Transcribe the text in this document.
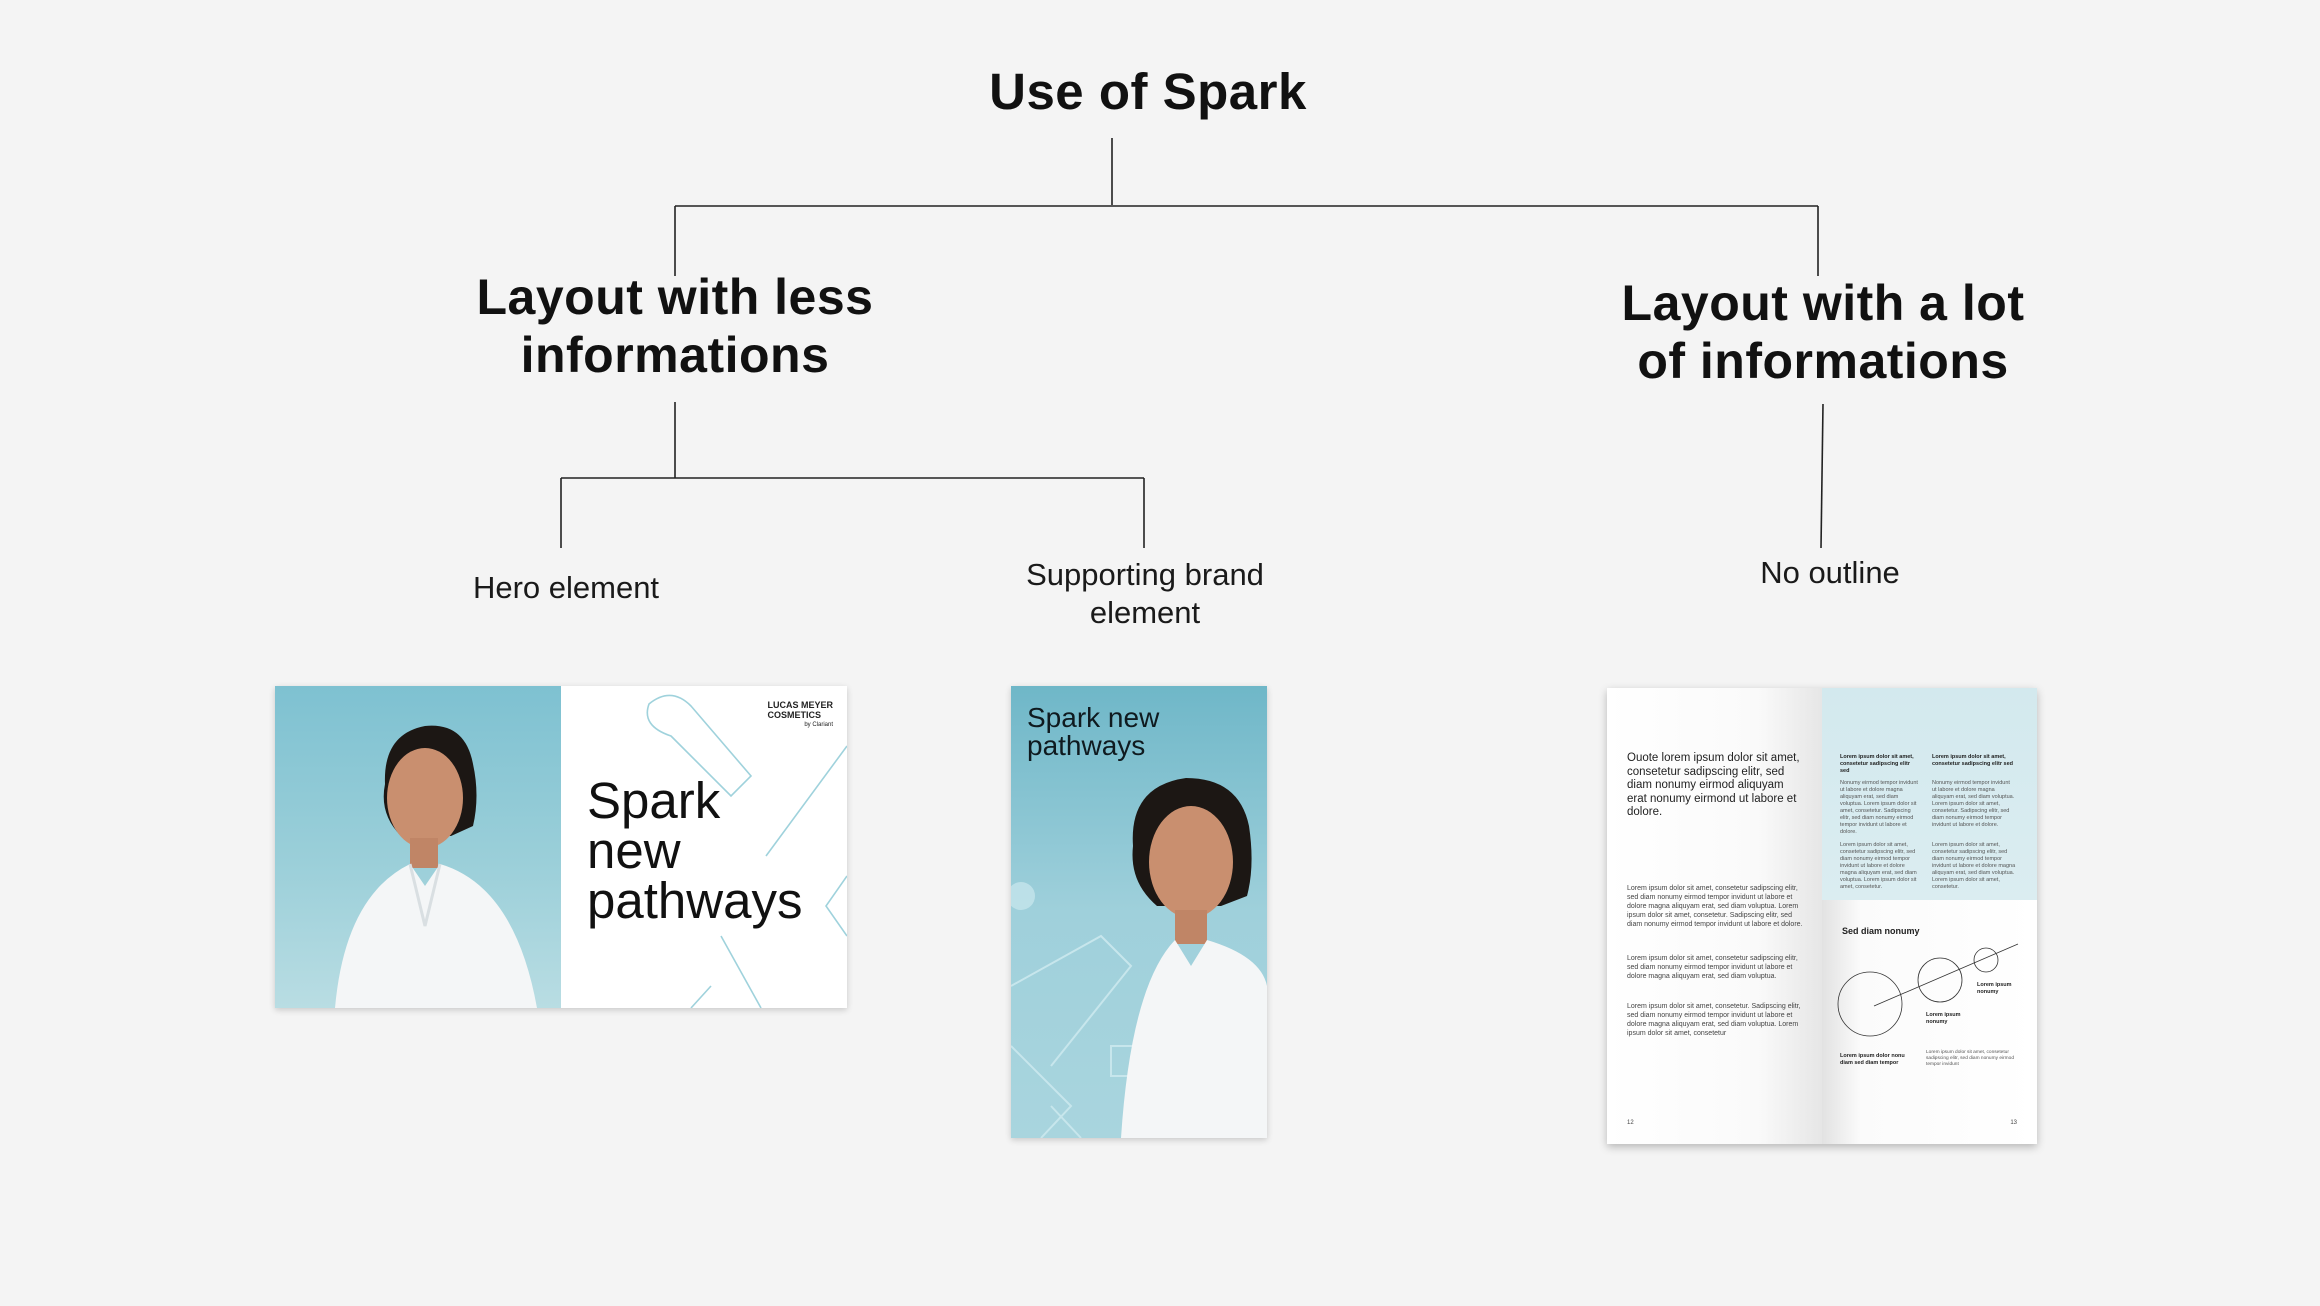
Use of Spark
Layout with less informations
Layout with a lot of informations
Hero element	Supporting brand element
No outline
Spark new pathways
LUCAS MEYER
COSMETICS
by Clariant	Spark new pathways	Ouote lorem ipsum dolor sit amet, consetetur sadipscing elitr, sed diam nonumy eirmod aliquyam erat nonumy eirmond ut labore et dolore.
Lorem ipsum dolor sit amet, consetetur sadipscing elitr, sed diam nonumy eirmod tempor invidunt ut labore et dolore magna aliquyam erat, sed diam voluptua. Lorem ipsum dolor sit amet, consetetur. Sadipscing elitr, sed diam nonumy eirmod tempor invidunt ut labore et dolore.
Lorem ipsum dolor sit amet, consetetur sadipscing elitr, sed diam nonumy eirmod tempor invidunt ut labore et dolore magna aliquyam erat, sed diam voluptua.
Lorem ipsum dolor sit amet, consetetur. Sadipscing elitr, sed diam nonumy eirmod tempor invidunt ut labore et dolore magna aliquyam erat, sed diam voluptua. Lorem ipsum dolor sit amet, consetetur
12
Lorem ipsum dolor sit amet, consetetur sadipscing elitr sed
Lorem ipsum dolor sit amet, consetetur sadipscing elitr sed
Nonumy eirmod tempor invidunt ut labore et dolore magna aliquyam erat, sed diam voluptua. Lorem ipsum dolor sit amet, consetetur. Sadipscing elitr, sed diam nonumy eirmod tempor invidunt ut labore et dolore.
Nonumy eirmod tempor invidunt ut labore et dolore magna aliquyam erat, sed diam voluptua. Lorem ipsum dolor sit amet, consetetur. Sadipscing elitr, sed diam nonumy eirmod tempor invidunt ut labore et dolore.
Lorem ipsum dolor sit amet, consetetur sadipscing elitr, sed diam nonumy eirmod tempor invidunt ut labore et dolore magna aliquyam erat, sed diam voluptua. Lorem ipsum dolor sit amet, consetetur.
Lorem ipsum dolor sit amet, consetetur sadipscing elitr, sed diam nonumy eirmod tempor invidunt ut labore et dolore magna aliquyam erat, sed diam voluptua. Lorem ipsum dolor sit amet, consetetur.
Sed diam nonumy
Lorem ipsum nonumy
Lorem ipsum nonumy
Lorem ipsum dolor nonu diam sed diam tempor
Lorem ipsum dolor sit amet, consetetur sadipscing elitr, sed diam nonumy eirmod tempor invidunt
13
